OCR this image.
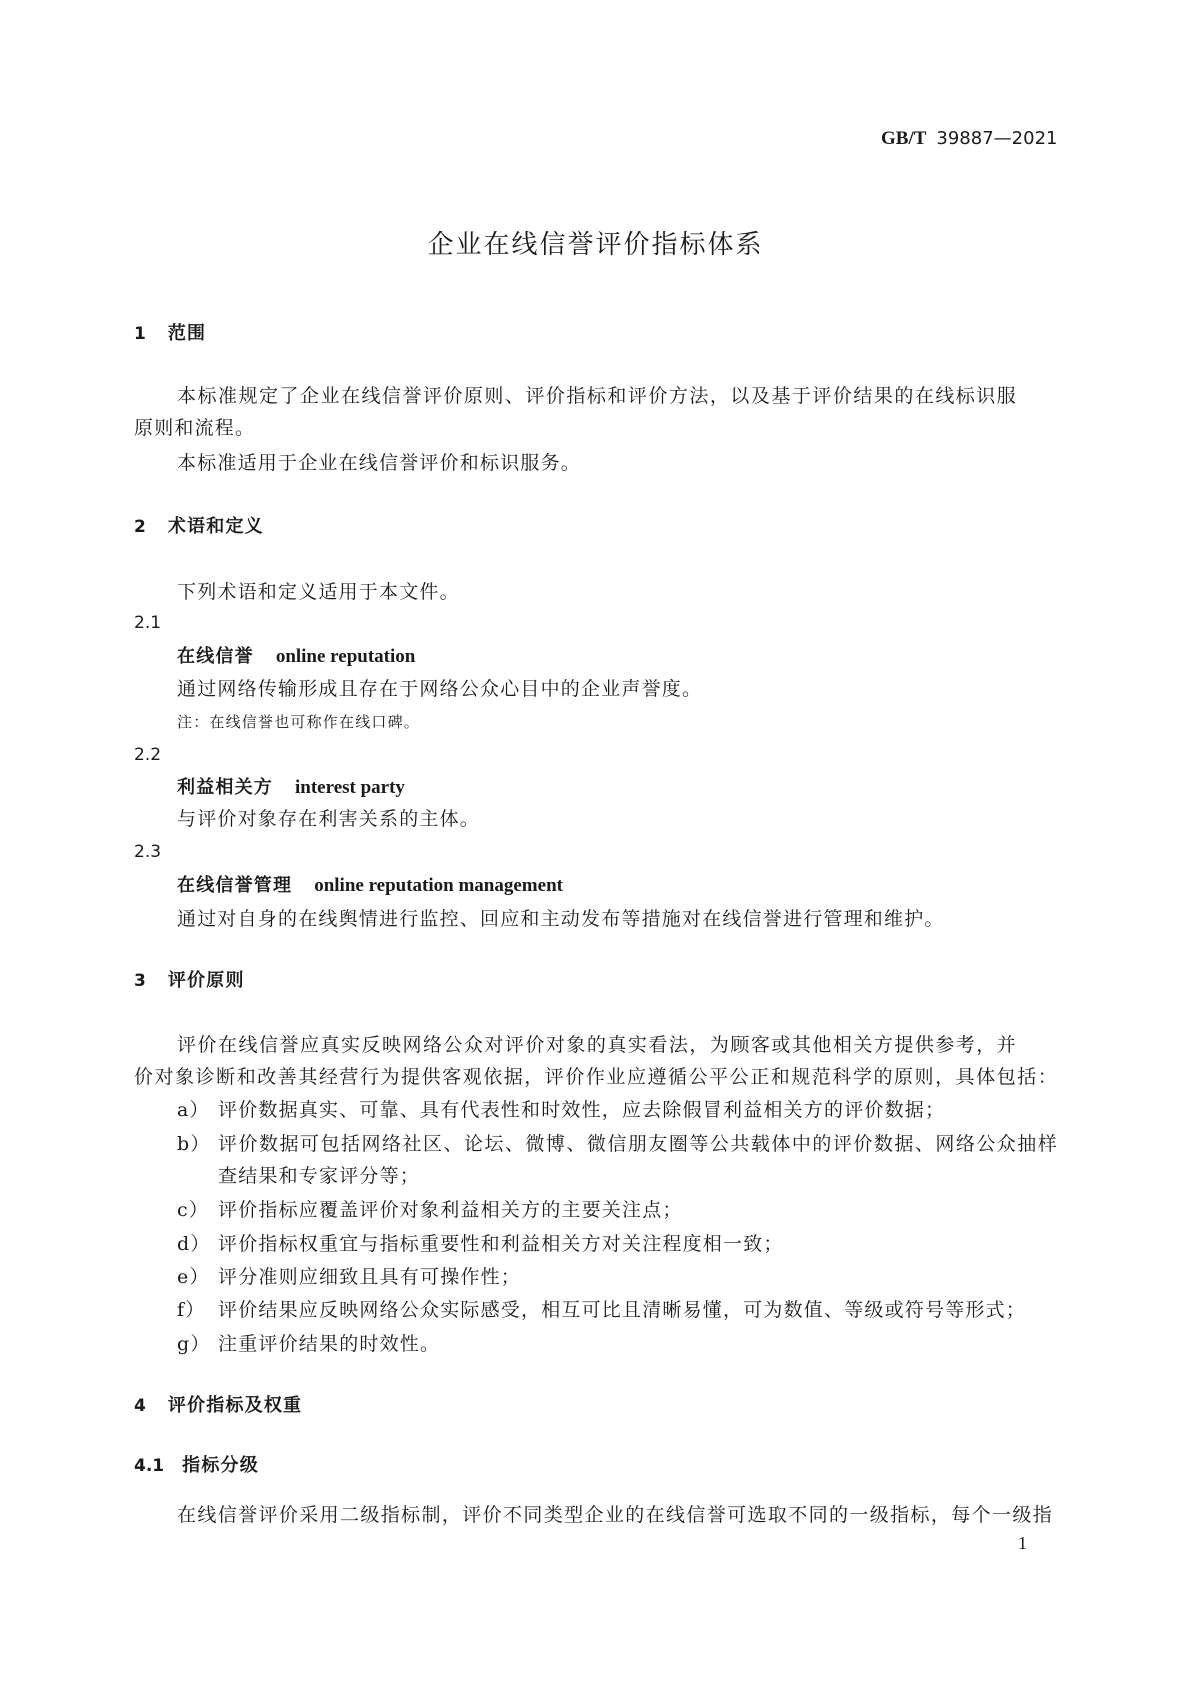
GB/T 39887—2021
企业在线信誉评价指标体系
1 范围
本标准规定了企业在线信誉评价原则、评价指标和评价方法，以及基于评价结果的在线标识服
原则和流程。
本标准适用于企业在线信誉评价和标识服务。
2 术语和定义
下列术语和定义适用于本文件。
2.1
在线信誉 online reputation
通过网络传输形成且存在于网络公众心目中的企业声誉度。
注：在线信誉也可称作在线口碑。
2.2
利益相关方 interest party
与评价对象存在利害关系的主体。
2.3
在线信誉管理 online reputation management
通过对自身的在线舆情进行监控、回应和主动发布等措施对在线信誉进行管理和维护。
3 评价原则
评价在线信誉应真实反映网络公众对评价对象的真实看法，为顾客或其他相关方提供参考，并
价对象诊断和改善其经营行为提供客观依据，评价作业应遵循公平公正和规范科学的原则，具体包括：
a） 评价数据真实、可靠、具有代表性和时效性，应去除假冒利益相关方的评价数据；
b） 评价数据可包括网络社区、论坛、微博、微信朋友圈等公共载体中的评价数据、网络公众抽样
查结果和专家评分等；
c） 评价指标应覆盖评价对象利益相关方的主要关注点；
d） 评价指标权重宜与指标重要性和利益相关方对关注程度相一致；
e） 评分准则应细致且具有可操作性；
f） 评价结果应反映网络公众实际感受，相互可比且清晰易懂，可为数值、等级或符号等形式；
g） 注重评价结果的时效性。
4 评价指标及权重
4.1 指标分级
在线信誉评价采用二级指标制，评价不同类型企业的在线信誉可选取不同的一级指标，每个一级指
1
